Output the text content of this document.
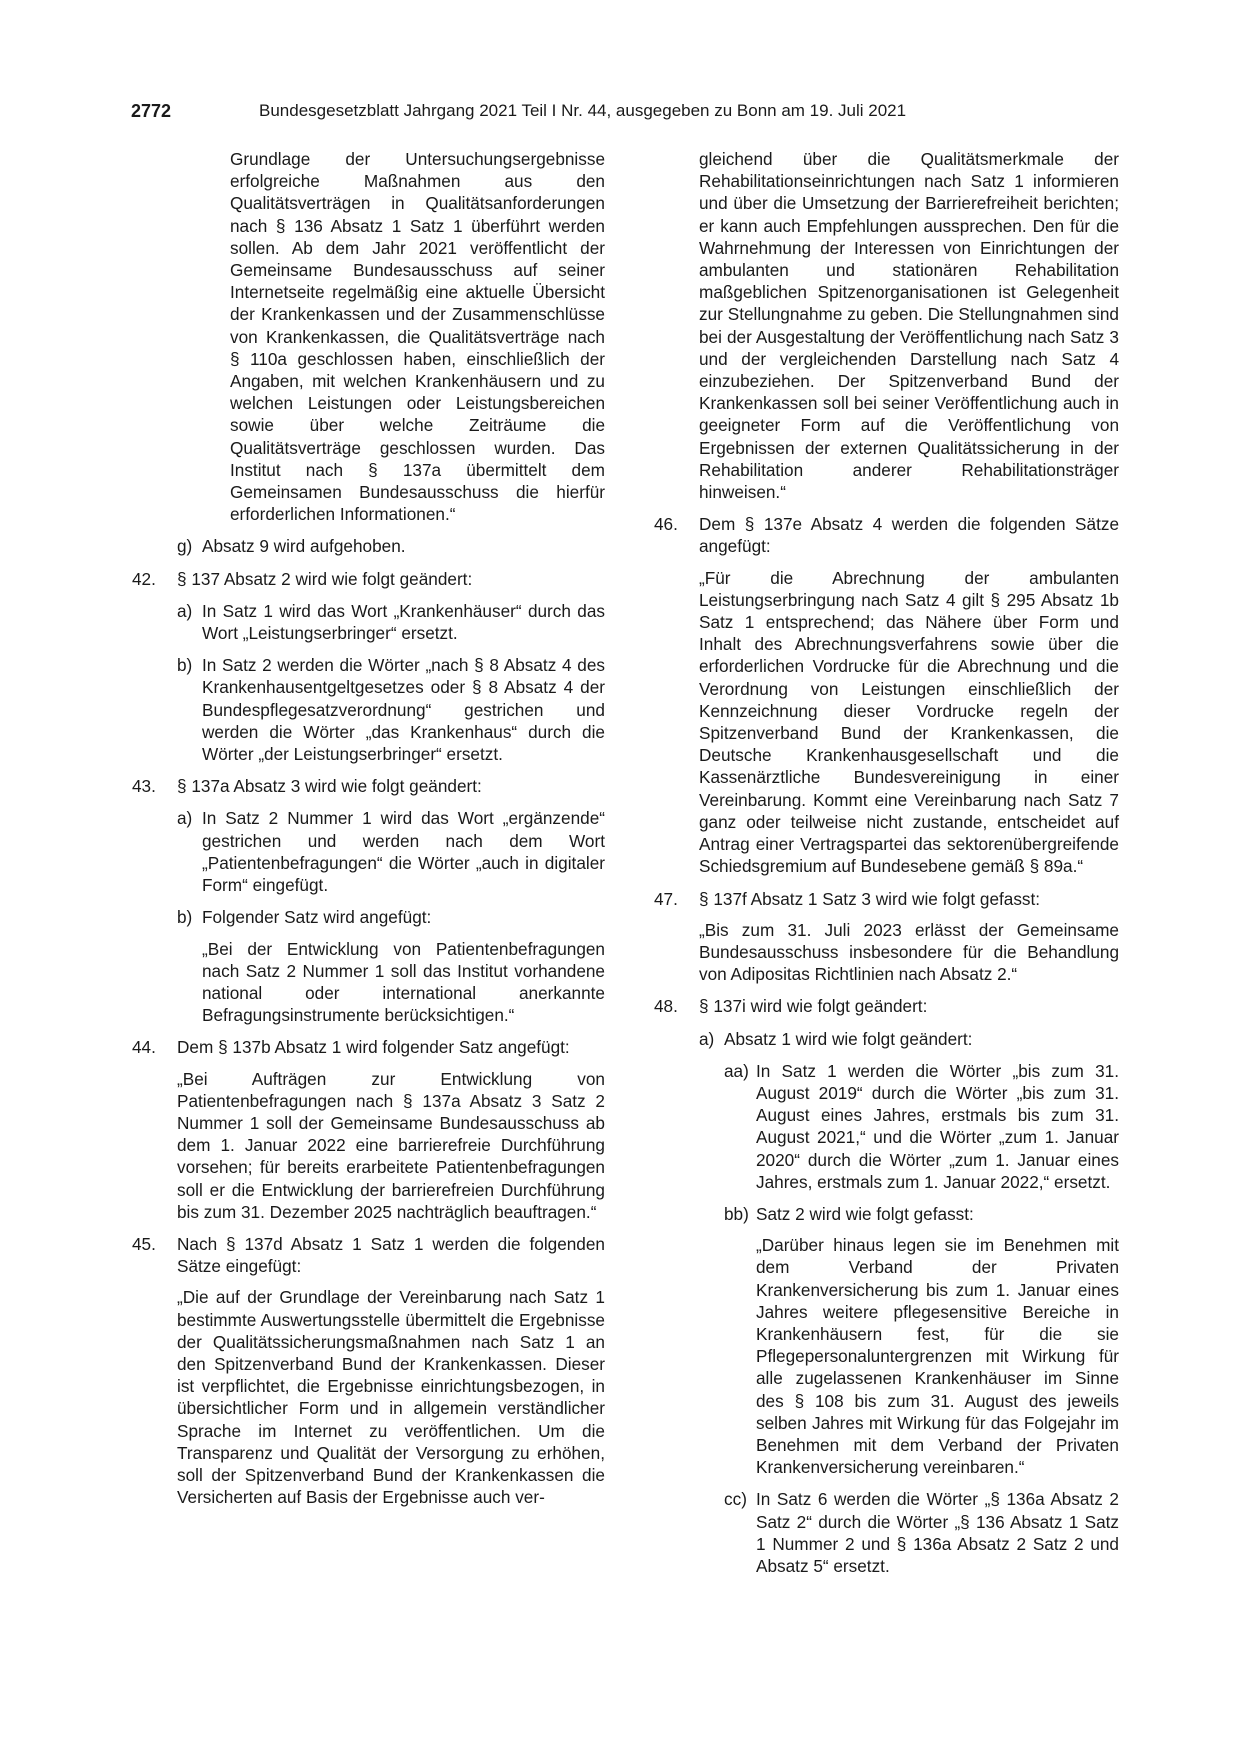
2772	Bundesgesetzblatt Jahrgang 2021 Teil I Nr. 44, ausgegeben zu Bonn am 19. Juli 2021

Grundlage der Untersuchungsergebnisse erfolgreiche Maßnahmen aus den Qualitätsverträgen in Qualitätsanforderungen nach § 136 Absatz 1 Satz 1 überführt werden sollen. Ab dem Jahr 2021 veröffentlicht der Gemeinsame Bundesausschuss auf seiner Internetseite regelmäßig eine aktuelle Übersicht der Krankenkassen und der Zusammenschlüsse von Krankenkassen, die Qualitätsverträge nach § 110a geschlossen haben, einschließlich der Angaben, mit welchen Krankenhäusern und zu welchen Leistungen oder Leistungsbereichen sowie über welche Zeiträume die Qualitätsverträge geschlossen wurden. Das Institut nach § 137a übermittelt dem Gemeinsamen Bundesausschuss die hierfür erforderlichen Informationen.“

g) Absatz 9 wird aufgehoben.

42.	§ 137 Absatz 2 wird wie folgt geändert:

a) In Satz 1 wird das Wort „Krankenhäuser“ durch das Wort „Leistungserbringer“ ersetzt.

b) In Satz 2 werden die Wörter „nach § 8 Absatz 4 des Krankenhausentgeltgesetzes oder § 8 Absatz 4 der Bundespflegesatzverordnung“ gestrichen und werden die Wörter „das Krankenhaus“ durch die Wörter „der Leistungserbringer“ ersetzt.

43.	§ 137a Absatz 3 wird wie folgt geändert:

a) In Satz 2 Nummer 1 wird das Wort „ergänzende“ gestrichen und werden nach dem Wort „Patientenbefragungen“ die Wörter „auch in digitaler Form“ eingefügt.

b) Folgender Satz wird angefügt:

„Bei der Entwicklung von Patientenbefragungen nach Satz 2 Nummer 1 soll das Institut vorhandene national oder international anerkannte Befragungsinstrumente berücksichtigen.“

44.	Dem § 137b Absatz 1 wird folgender Satz angefügt:

„Bei Aufträgen zur Entwicklung von Patientenbefragungen nach § 137a Absatz 3 Satz 2 Nummer 1 soll der Gemeinsame Bundesausschuss ab dem 1. Januar 2022 eine barrierefreie Durchführung vorsehen; für bereits erarbeitete Patientenbefragungen soll er die Entwicklung der barrierefreien Durchführung bis zum 31. Dezember 2025 nachträglich beauftragen.“

45.	Nach § 137d Absatz 1 Satz 1 werden die folgenden Sätze eingefügt:

„Die auf der Grundlage der Vereinbarung nach Satz 1 bestimmte Auswertungsstelle übermittelt die Ergebnisse der Qualitätssicherungsmaßnahmen nach Satz 1 an den Spitzenverband Bund der Krankenkassen. Dieser ist verpflichtet, die Ergebnisse einrichtungsbezogen, in übersichtlicher Form und in allgemein verständlicher Sprache im Internet zu veröffentlichen. Um die Transparenz und Qualität der Versorgung zu erhöhen, soll der Spitzenverband Bund der Krankenkassen die Versicherten auf Basis der Ergebnisse auch ver-

gleichend über die Qualitätsmerkmale der Rehabilitationseinrichtungen nach Satz 1 informieren und über die Umsetzung der Barrierefreiheit berichten; er kann auch Empfehlungen aussprechen. Den für die Wahrnehmung der Interessen von Einrichtungen der ambulanten und stationären Rehabilitation maßgeblichen Spitzenorganisationen ist Gelegenheit zur Stellungnahme zu geben. Die Stellungnahmen sind bei der Ausgestaltung der Veröffentlichung nach Satz 3 und der vergleichenden Darstellung nach Satz 4 einzubeziehen. Der Spitzenverband Bund der Krankenkassen soll bei seiner Veröffentlichung auch in geeigneter Form auf die Veröffentlichung von Ergebnissen der externen Qualitätssicherung in der Rehabilitation anderer Rehabilitationsträger hinweisen.“

46.	Dem § 137e Absatz 4 werden die folgenden Sätze angefügt:

„Für die Abrechnung der ambulanten Leistungserbringung nach Satz 4 gilt § 295 Absatz 1b Satz 1 entsprechend; das Nähere über Form und Inhalt des Abrechnungsverfahrens sowie über die erforderlichen Vordrucke für die Abrechnung und die Verordnung von Leistungen einschließlich der Kennzeichnung dieser Vordrucke regeln der Spitzenverband Bund der Krankenkassen, die Deutsche Krankenhausgesellschaft und die Kassenärztliche Bundesvereinigung in einer Vereinbarung. Kommt eine Vereinbarung nach Satz 7 ganz oder teilweise nicht zustande, entscheidet auf Antrag einer Vertragspartei das sektorenübergreifende Schiedsgremium auf Bundesebene gemäß § 89a.“

47.	§ 137f Absatz 1 Satz 3 wird wie folgt gefasst:

„Bis zum 31. Juli 2023 erlässt der Gemeinsame Bundesausschuss insbesondere für die Behandlung von Adipositas Richtlinien nach Absatz 2.“

48.	§ 137i wird wie folgt geändert:

a) Absatz 1 wird wie folgt geändert:

aa) In Satz 1 werden die Wörter „bis zum 31. August 2019“ durch die Wörter „bis zum 31. August eines Jahres, erstmals bis zum 31. August 2021,“ und die Wörter „zum 1. Januar 2020“ durch die Wörter „zum 1. Januar eines Jahres, erstmals zum 1. Januar 2022,“ ersetzt.

bb) Satz 2 wird wie folgt gefasst:

„Darüber hinaus legen sie im Benehmen mit dem Verband der Privaten Krankenversicherung bis zum 1. Januar eines Jahres weitere pflegesensitive Bereiche in Krankenhäusern fest, für die sie Pflegepersonaluntergrenzen mit Wirkung für alle zugelassenen Krankenhäuser im Sinne des § 108 bis zum 31. August des jeweils selben Jahres mit Wirkung für das Folgejahr im Benehmen mit dem Verband der Privaten Krankenversicherung vereinbaren.“

cc) In Satz 6 werden die Wörter „§ 136a Absatz 2 Satz 2“ durch die Wörter „§ 136 Absatz 1 Satz 1 Nummer 2 und § 136a Absatz 2 Satz 2 und Absatz 5“ ersetzt.
